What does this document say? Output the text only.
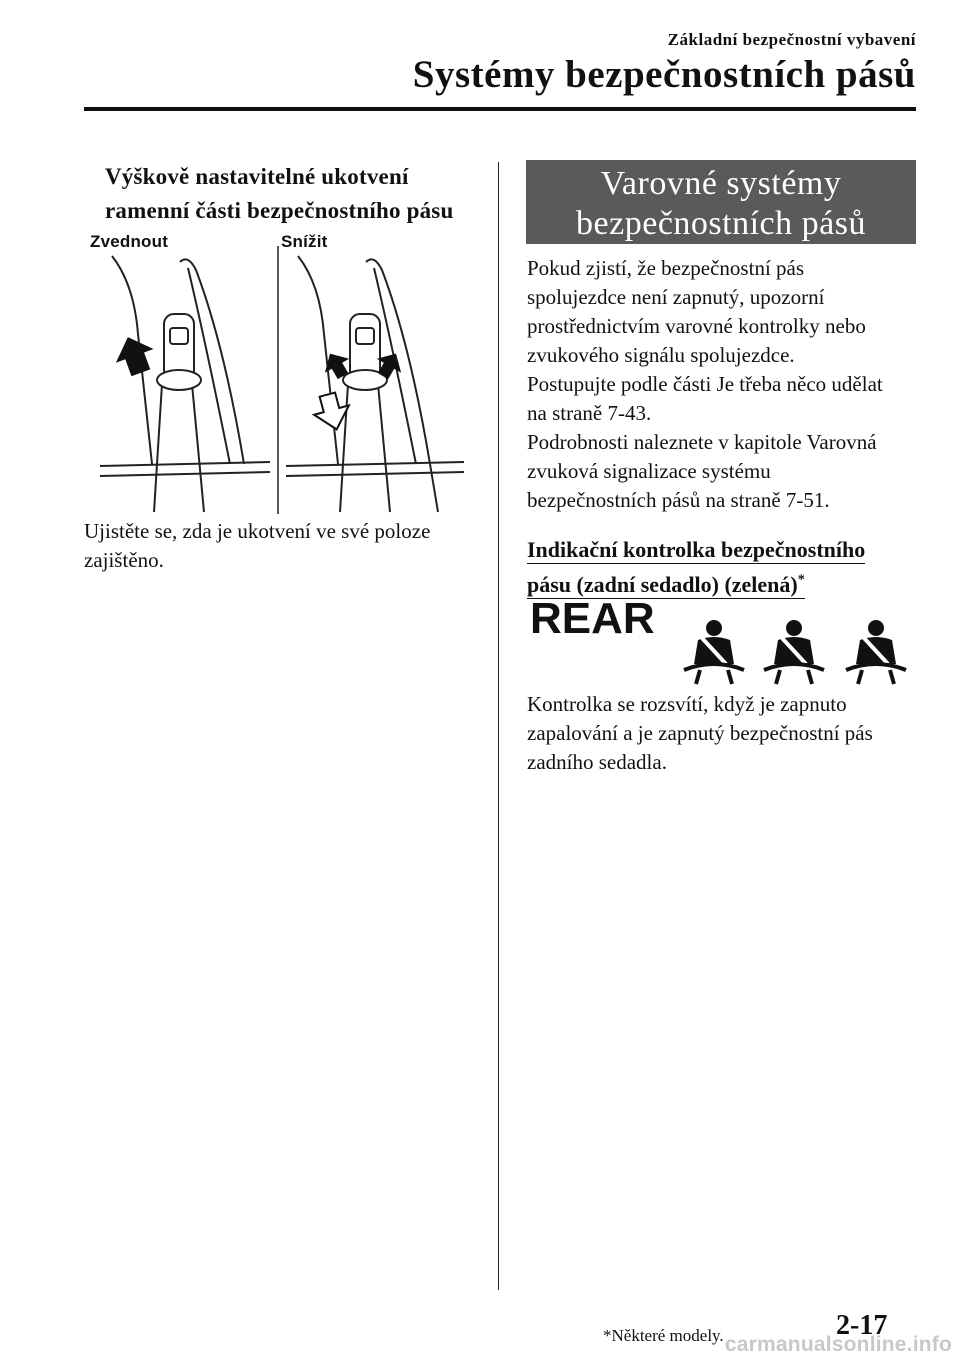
Základní bezpečnostní vybavení
Systémy bezpečnostních pásů
Výškově nastavitelné ukotvení
ramenní části bezpečnostního pásu
Zvednout	Snížit
Ujistěte se, zda je ukotvení ve své poloze
zajištěno.
Varovné systémy
bezpečnostních pásů

Pokud zjistí, že bezpečnostní pás

spolujezdce není zapnutý, upozorní

prostřednictvím varovné kontrolky nebo

zvukového signálu spolujezdce.

Postupujte podle části Je třeba něco udělat

na straně 7-43.

Podrobnosti naleznete v kapitole Varovná

zvuková signalizace systému

bezpečnostních pásů na straně 7-51.

Indikační kontrolka bezpečnostního
pásu (zadní sedadlo) (zelená)*
REAR
Kontrolka se rozsvítí, když je zapnuto
zapalování a je zapnutý bezpečnostní pás
zadního sedadla.
*Některé modely.	2-17
carmanualsonline.info
